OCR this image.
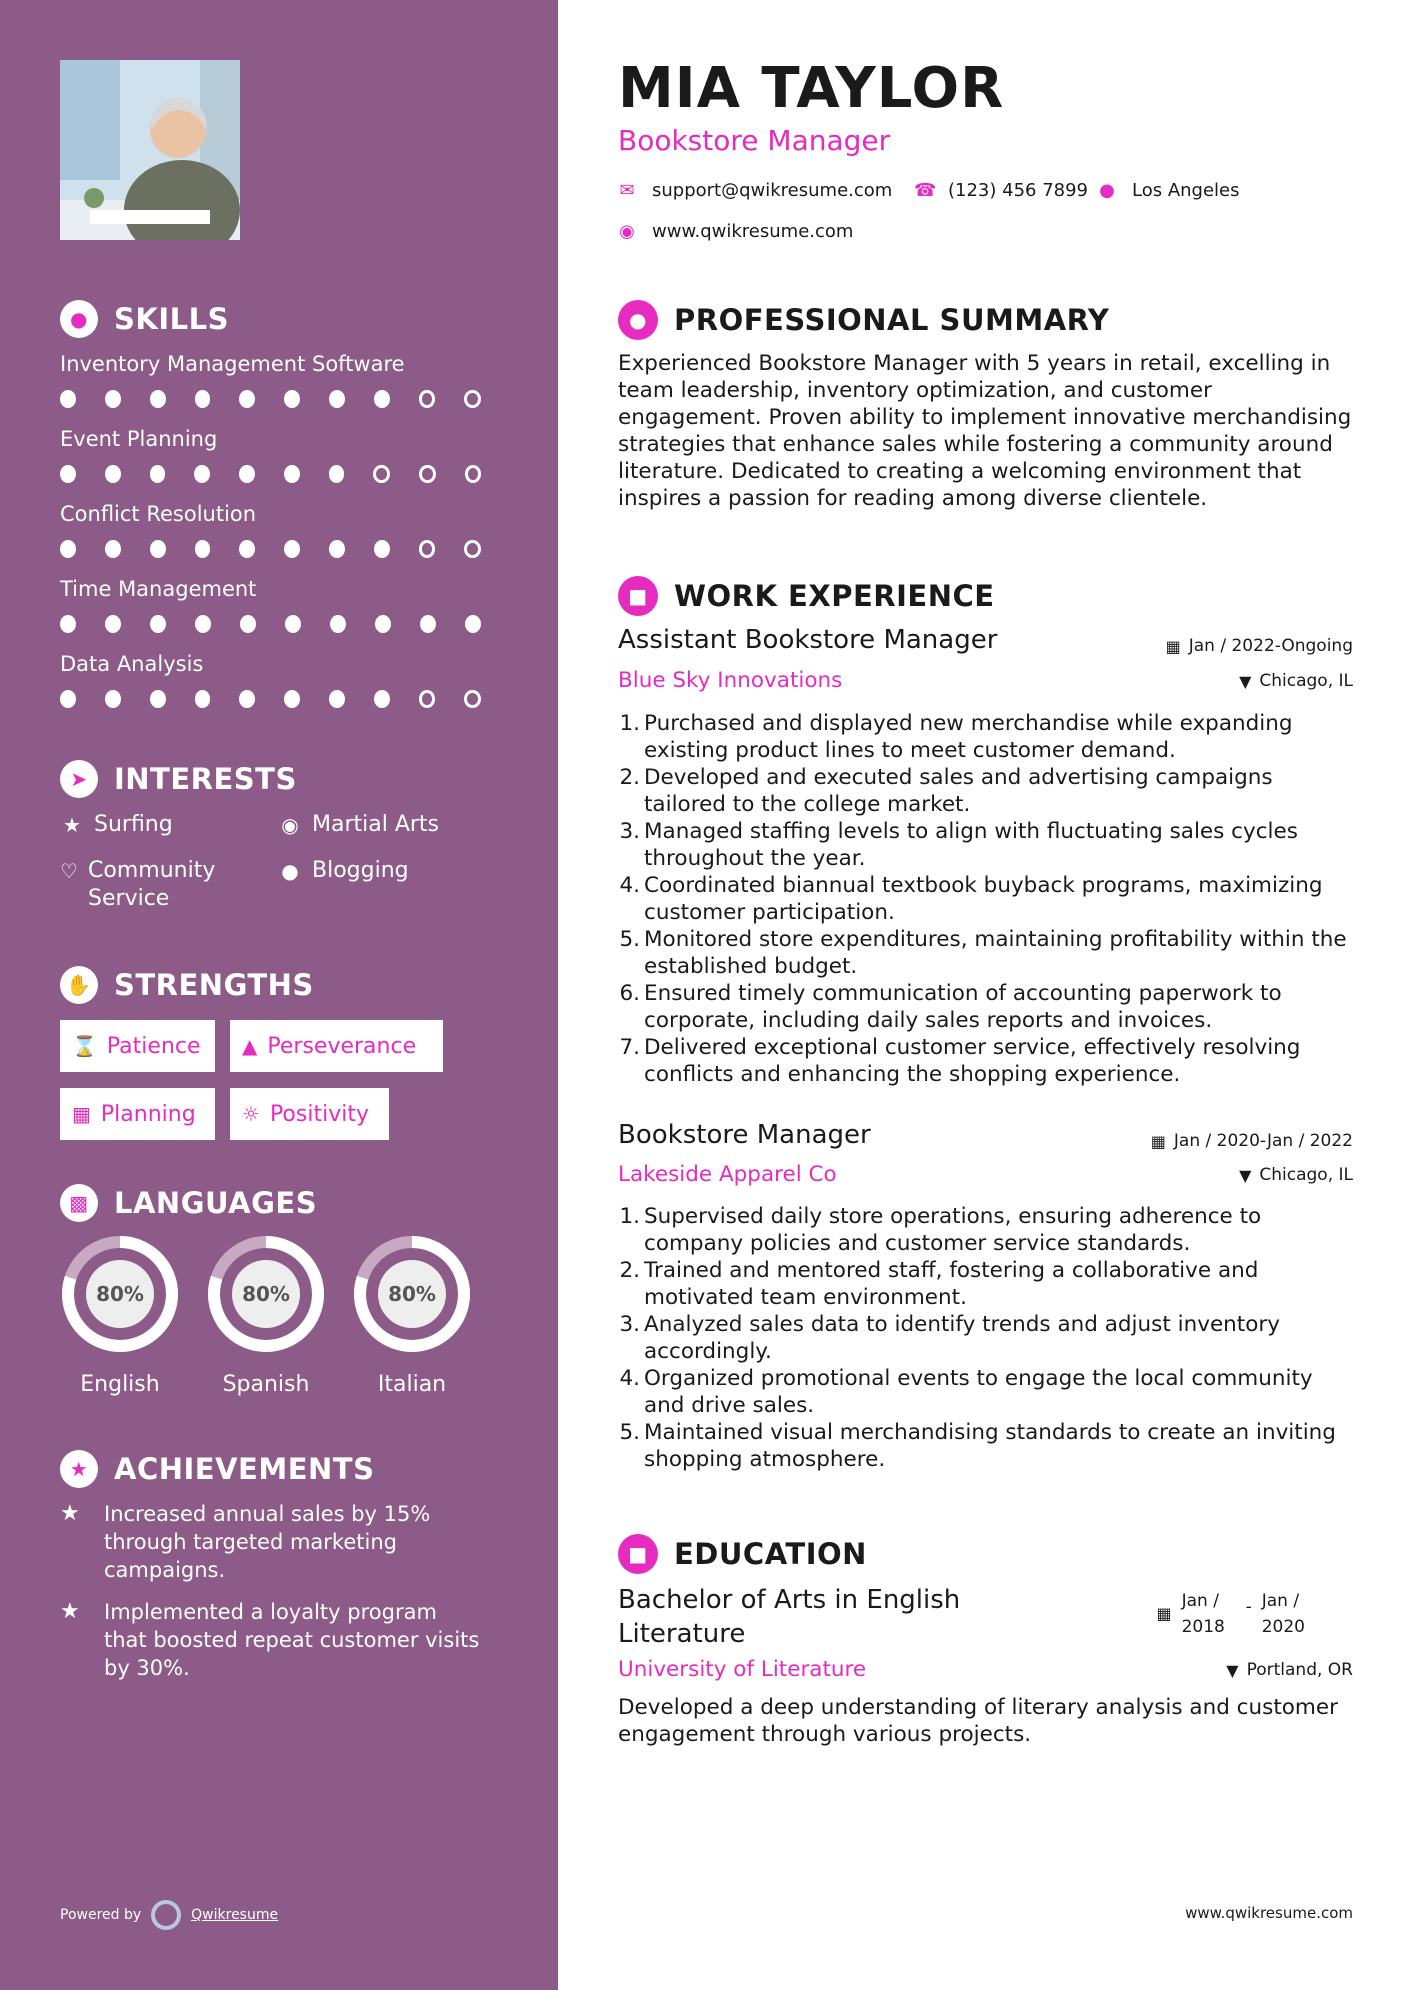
● SKILLS
Inventory Management Software
Event Planning
Conflict Resolution
Time Management
Data Analysis
➤ INTERESTS
★ Surfing	◉ Martial Arts
♡ Community Service
● Blogging
✋ STRENGTHS
⌛ Patience ▲ Perseverance
▦ Planning ☼ Positivity
▩ LANGUAGES
80%
English
80%
Spanish
80%
Italian
★ ACHIEVEMENTS
★	Increased annual sales by 15% through targeted marketing campaigns.
★	Implemented a loyalty program that boosted repeat customer visits by 30%.
Powered by	Qwikresume
MIA TAYLOR
Bookstore Manager
✉ support@qwikresume.com ☎ (123) 456 7899 ● Los Angeles
◉ www.qwikresume.com
● PROFESSIONAL SUMMARY
Experienced Bookstore Manager with 5 years in retail, excelling in team leadership, inventory optimization, and customer engagement. Proven ability to implement innovative merchandising strategies that enhance sales while fostering a community around literature. Dedicated to creating a welcoming environment that inspires a passion for reading among diverse clientele.
■ WORK EXPERIENCE
Assistant Bookstore Manager	▦ Jan / 2022-Ongoing
Blue Sky Innovations	▼ Chicago, IL
1. Purchased and displayed new merchandise while expanding existing product lines to meet customer demand.
2. Developed and executed sales and advertising campaigns tailored to the college market.
3. Managed staffing levels to align with fluctuating sales cycles throughout the year.
4. Coordinated biannual textbook buyback programs, maximizing customer participation.
5. Monitored store expenditures, maintaining profitability within the established budget.
6. Ensured timely communication of accounting paperwork to corporate, including daily sales reports and invoices.
7. Delivered exceptional customer service, effectively resolving conflicts and enhancing the shopping experience.
Bookstore Manager	▦ Jan / 2020-Jan / 2022
Lakeside Apparel Co	▼ Chicago, IL
1. Supervised daily store operations, ensuring adherence to company policies and customer service standards.
2. Trained and mentored staff, fostering a collaborative and motivated team environment.
3. Analyzed sales data to identify trends and adjust inventory accordingly.
4. Organized promotional events to engage the local community and drive sales.
5. Maintained visual merchandising standards to create an inviting shopping atmosphere.
■ EDUCATION
Bachelor of Arts in English
Literature
▦
Jan /
2018
- Jan /
2020
University of Literature	▼ Portland, OR
Developed a deep understanding of literary analysis and customer engagement through various projects.
www.qwikresume.com
